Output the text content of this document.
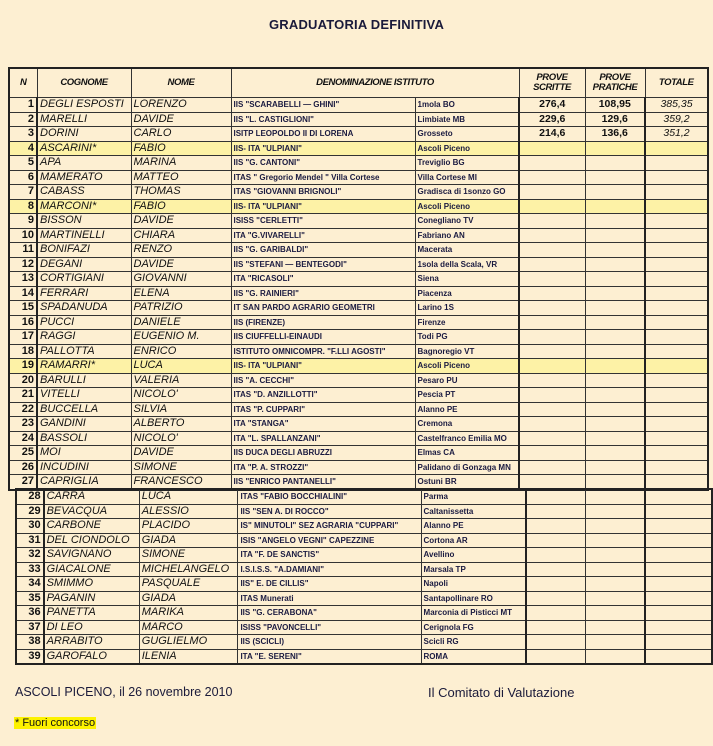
GRADUATORIA DEFINITIVA
N	COGNOME	NOME	DENOMINAZIONE ISTITUTO		PROVE SCRITTE	PROVE PRATICHE	TOTALE
1	DEGLI ESPOSTI	LORENZO	IIS "SCARABELLI — GHINI"	1mola BO	276,4	108,95	385,35
2	MARELLI	DAVIDE	IIS "L. CASTIGLIONI"	Limbiate MB	229,6	129,6	359,2
3	DORINI	CARLO	ISITP LEOPOLDO II DI LORENA	Grosseto	214,6	136,6	351,2
4	ASCARINI*	FABIO	IIS- ITA "ULPIANI"	Ascoli Piceno			
5	APA	MARINA	IIS "G. CANTONI"	Treviglio BG			
6	MAMERATO	MATTEO	ITAS " Gregorio Mendel " Villa Cortese	Villa Cortese MI			
7	CABASS	THOMAS	ITAS "GIOVANNI BRIGNOLI"	Gradisca di 1sonzo GO			
8	MARCONI*	FABIO	IIS- ITA "ULPIANI"	Ascoli Piceno			
9	BISSON	DAVIDE	ISISS "CERLETTI"	Conegliano TV			
10	MARTINELLI	CHIARA	ITA "G.VIVARELLI"	Fabriano AN			
11	BONIFAZI	RENZO	IIS "G. GARIBALDI"	Macerata			
12	DEGANI	DAVIDE	IIS "STEFANI — BENTEGODI"	1sola della Scala, VR			
13	CORTIGIANI	GIOVANNI	ITA "RICASOLI"	Siena			
14	FERRARI	ELENA	IIS "G. RAINIERI"	Piacenza			
15	SPADANUDA	PATRIZIO	IT SAN PARDO AGRARIO GEOMETRI	Larino 1S			
16	PUCCI	DANIELE	IIS (FIRENZE)	Firenze			
17	RAGGI	EUGENIO M.	IIS CIUFFELLI-EINAUDI	Todi PG			
18	PALLOTTA	ENRICO	ISTITUTO OMNICOMPR. "F.LLI AGOSTI"	Bagnoregio VT			
19	RAMARRI*	LUCA	IIS- ITA "ULPIANI"	Ascoli Piceno			
20	BARULLI	VALERIA	IIS "A. CECCHI"	Pesaro PU			
21	VITELLI	NICOLO'	ITAS "D. ANZILLOTTI"	Pescia PT			
22	BUCCELLA	SILVIA	ITAS "P. CUPPARI"	Alanno PE			
23	GANDINI	ALBERTO	ITA "STANGA"	Cremona			
24	BASSOLI	NICOLO'	ITA "L. SPALLANZANI"	Castelfranco Emilia MO			
25	MOI	DAVIDE	IIS DUCA DEGLI ABRUZZI	Elmas CA			
26	INCUDINI	SIMONE	ITA "P. A. STROZZI"	Palidano di Gonzaga MN			
27	CAPRIGLIA	FRANCESCO	IIS "ENRICO PANTANELLI"	Ostuni BR			
28	CARRA	LUCA	ITAS "FABIO BOCCHIALINI"	Parma			
29	BEVACQUA	ALESSIO	IIS "SEN A. DI ROCCO"	Caltanissetta			
30	CARBONE	PLACIDO	IS" MINUTOLI" SEZ AGRARIA "CUPPARI"	Alanno PE			
31	DEL CIONDOLO	GIADA	ISIS "ANGELO VEGNI" CAPEZZINE	Cortona AR			
32	SAVIGNANO	SIMONE	ITA "F. DE SANCTIS"	Avellino			
33	GIACALONE	MICHELANGELO	I.S.I.S.S. "A.DAMIANI"	Marsala TP			
34	SMIMMO	PASQUALE	IIS" E. DE CILLIS"	Napoli			
35	PAGANIN	GIADA	ITAS Munerati	Santapollinare RO			
36	PANETTA	MARIKA	IIS "G. CERABONA"	Marconia di Pisticci MT			
37	DI LEO	MARCO	ISISS "PAVONCELLI"	Cerignola FG			
38	ARRABITO	GUGLIELMO	IIS (SCICLI)	Scicli RG			
39	GAROFALO	ILENIA	ITA "E. SERENI"	ROMA			
ASCOLI PICENO, il 26 novembre 2010	Il Comitato di Valutazione
* Fuori concorso
